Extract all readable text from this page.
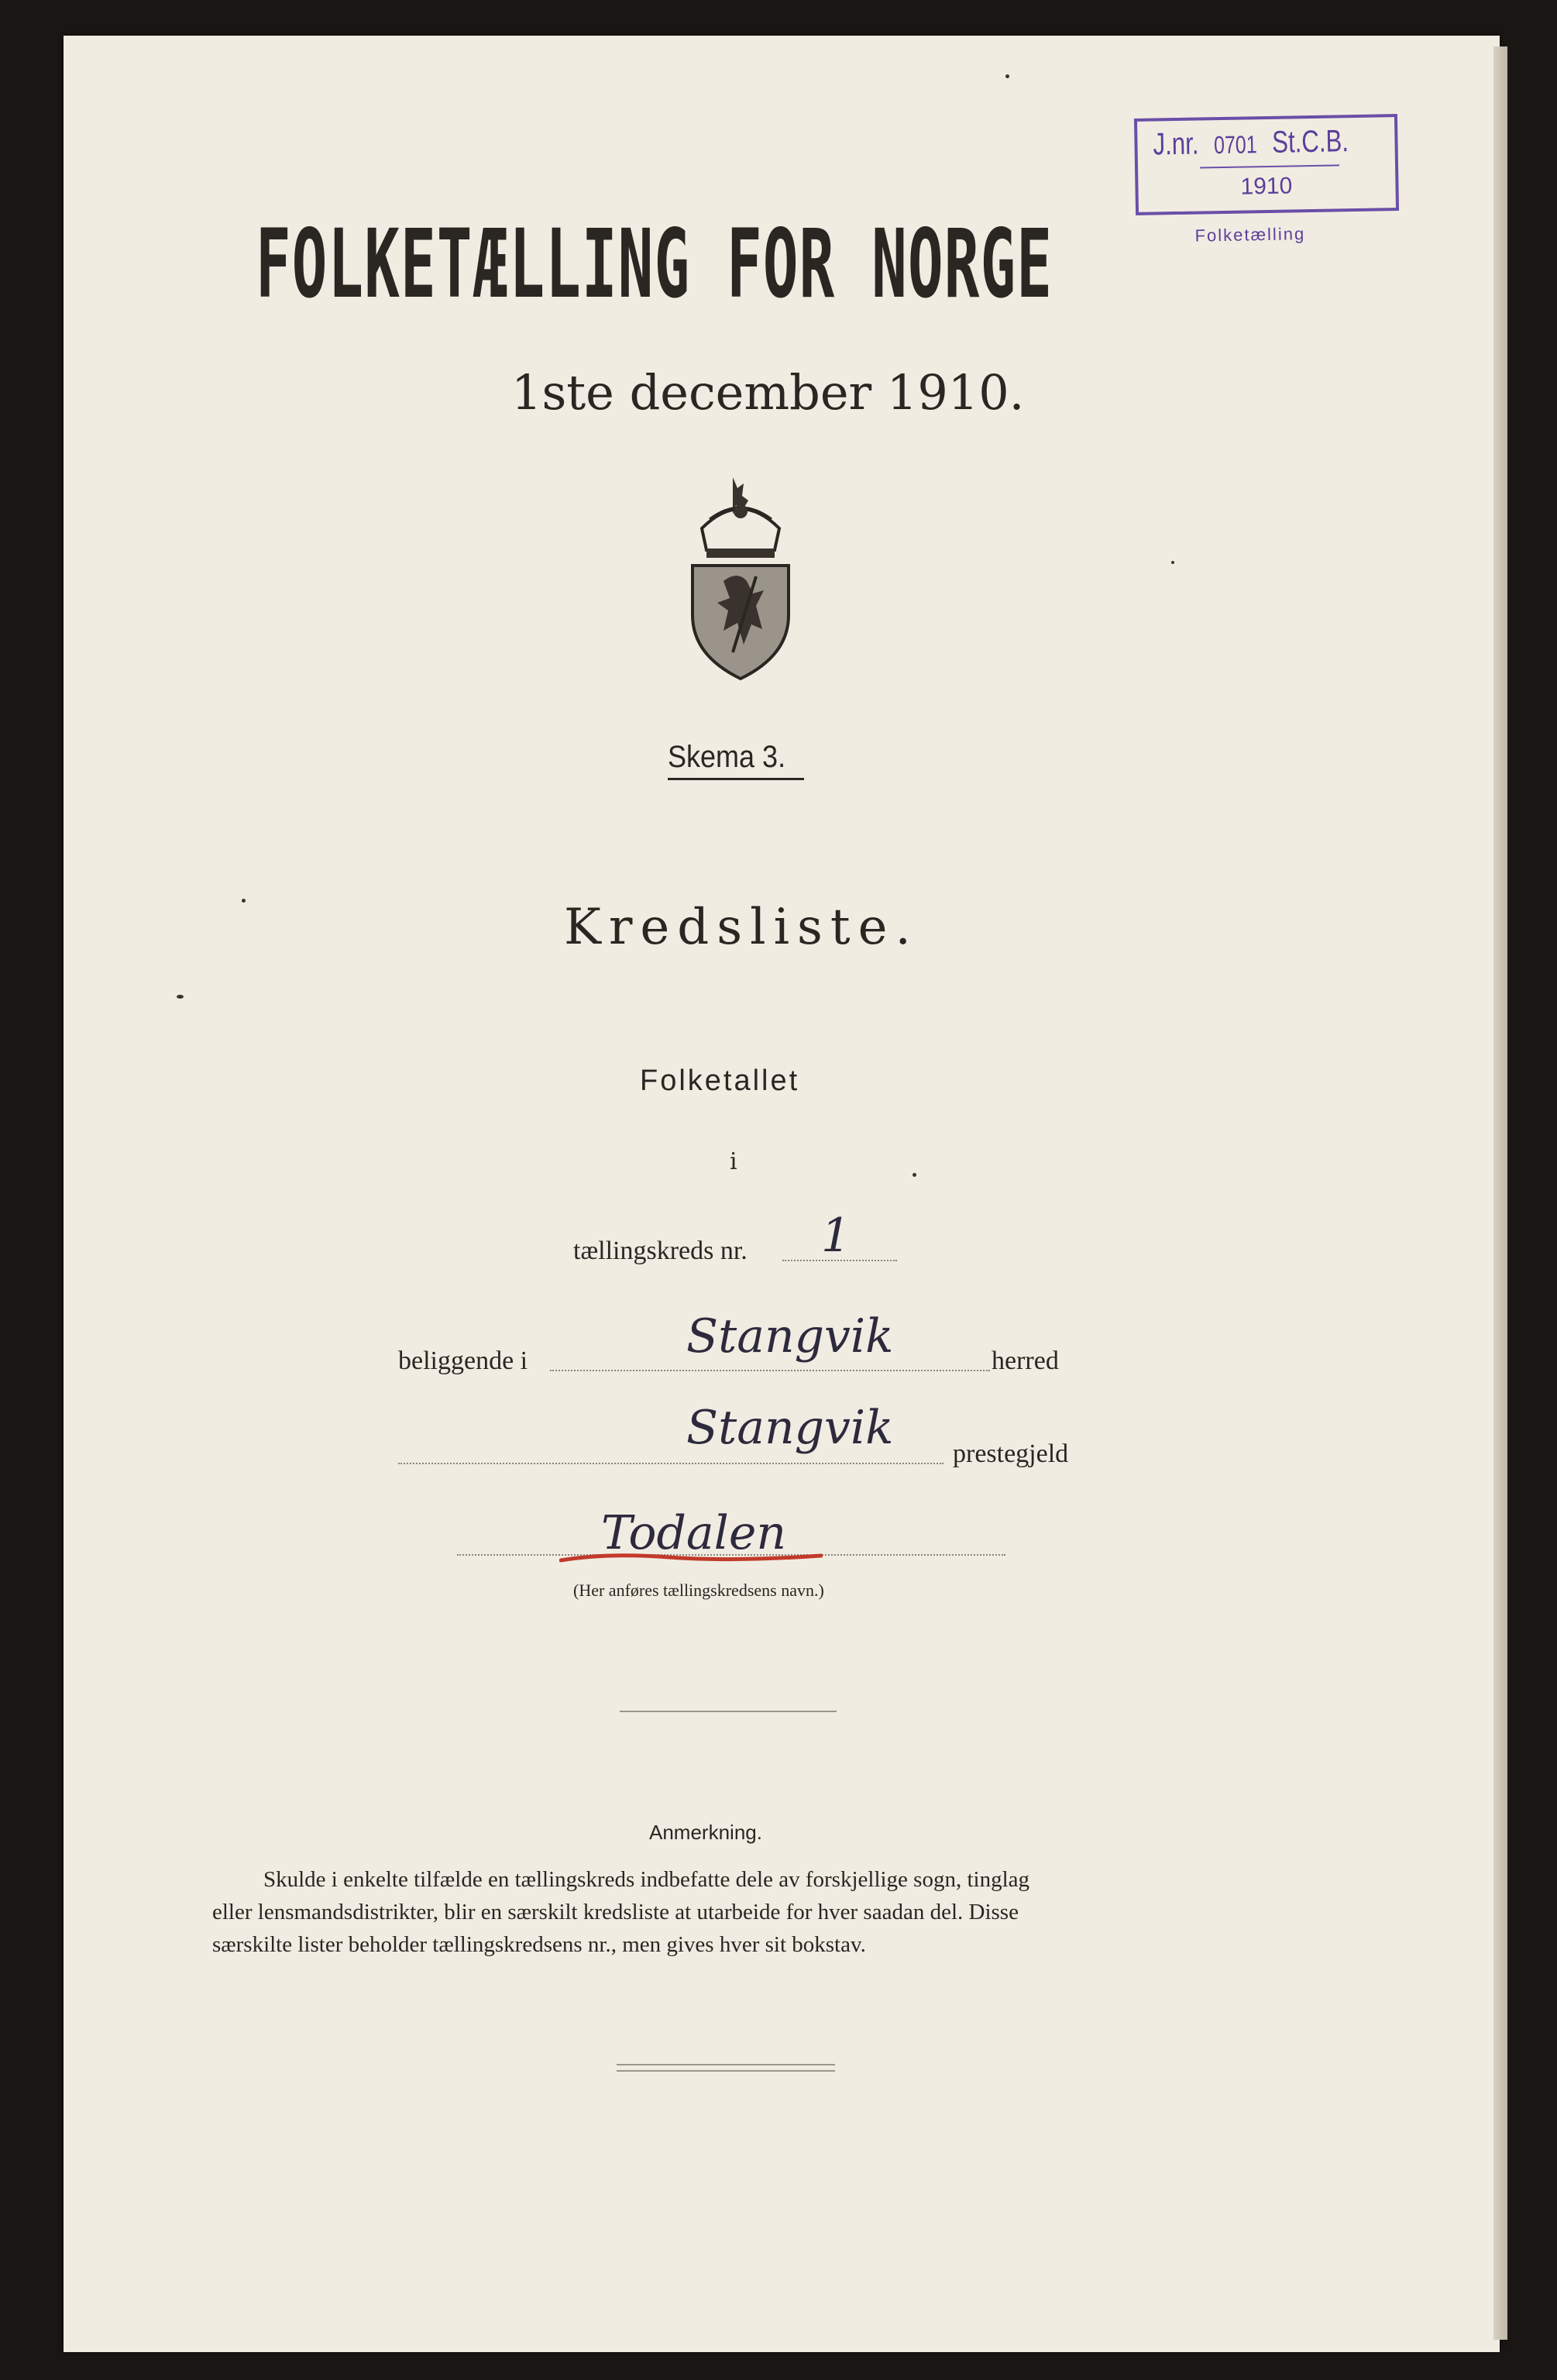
J.nr. 0701 St.C.B.
1910
Folketælling
FOLKETÆLLING FOR NORGE
1ste december 1910.
Skema 3.
Kredsliste.
Folketallet
i
tællingskreds nr. 1
beliggende i	Stangvik	herred
Stangvik prestegjeld
Todalen
(Her anføres tællingskredsens navn.)
Anmerkning.
Skulde i enkelte tilfælde en tællingskreds indbefatte dele av forskjellige sogn, tinglag
eller lensmandsdistrikter, blir en særskilt kredsliste at utarbeide for hver saadan del. Disse
særskilte lister beholder tællingskredsens nr., men gives hver sit bokstav.
